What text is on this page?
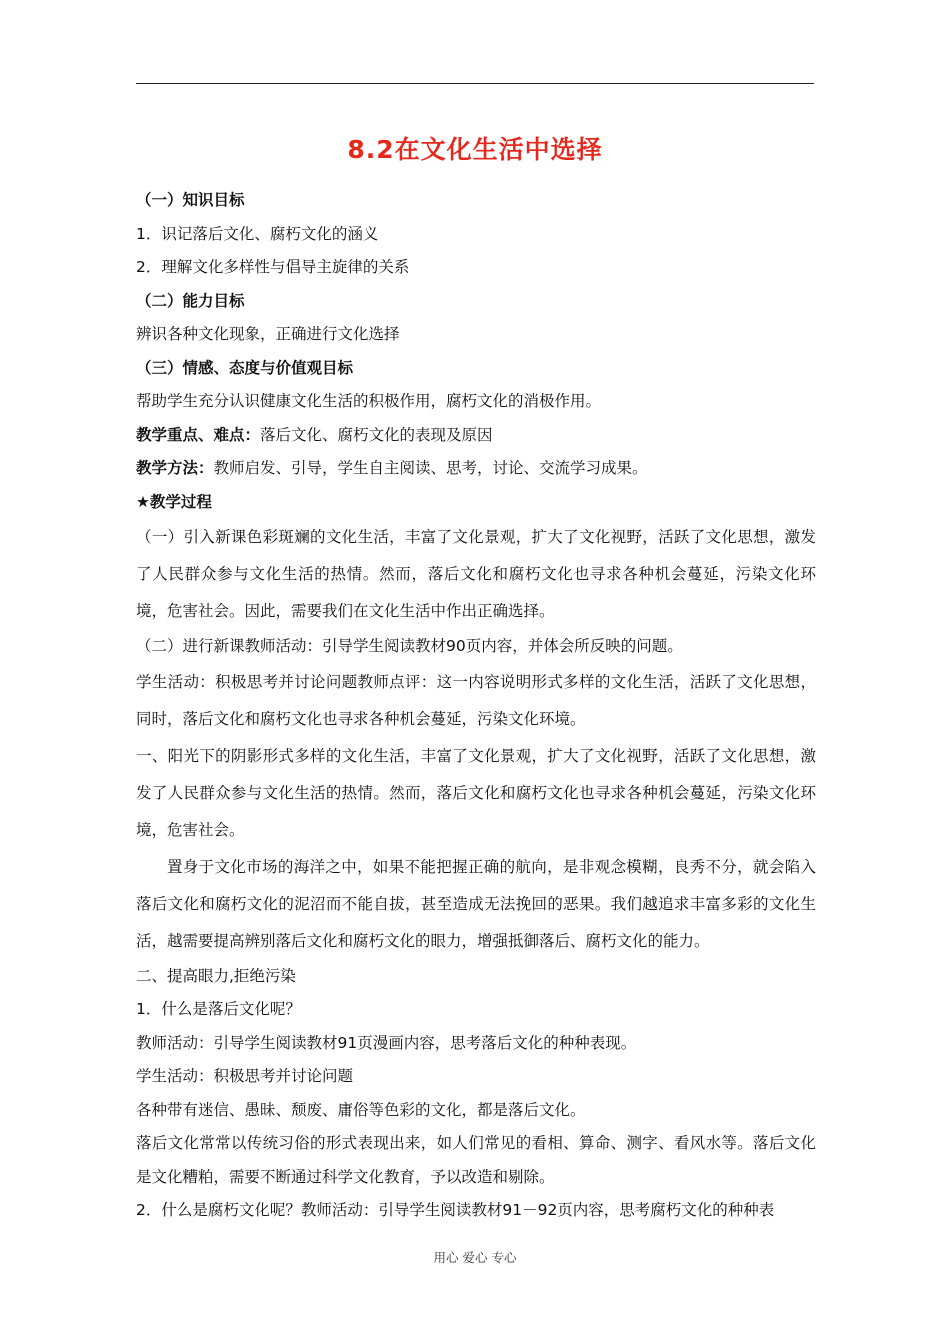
8.2在文化生活中选择
（一）知识目标
1．识记落后文化、腐朽文化的涵义
2．理解文化多样性与倡导主旋律的关系
（二）能力目标
辨识各种文化现象，正确进行文化选择
（三）情感、态度与价值观目标
帮助学生充分认识健康文化生活的积极作用，腐朽文化的消极作用。
教学重点、难点：落后文化、腐朽文化的表现及原因
教学方法：教师启发、引导，学生自主阅读、思考，讨论、交流学习成果。
★教学过程
（一）引入新课色彩斑斓的文化生活，丰富了文化景观，扩大了文化视野，活跃了文化思想，激发了人民群众参与文化生活的热情。然而，落后文化和腐朽文化也寻求各种机会蔓延，污染文化环境，危害社会。因此，需要我们在文化生活中作出正确选择。
（二）进行新课教师活动：引导学生阅读教材90页内容，并体会所反映的问题。
学生活动：积极思考并讨论问题教师点评：这一内容说明形式多样的文化生活，活跃了文化思想，同时，落后文化和腐朽文化也寻求各种机会蔓延，污染文化环境。
一、阳光下的阴影形式多样的文化生活，丰富了文化景观，扩大了文化视野，活跃了文化思想，激发了人民群众参与文化生活的热情。然而，落后文化和腐朽文化也寻求各种机会蔓延，污染文化环境，危害社会。
置身于文化市场的海洋之中，如果不能把握正确的航向，是非观念模糊，良秀不分，就会陷入落后文化和腐朽文化的泥沼而不能自拔，甚至造成无法挽回的恶果。我们越追求丰富多彩的文化生活，越需要提高辨别落后文化和腐朽文化的眼力，增强抵御落后、腐朽文化的能力。
二、提高眼力,拒绝污染
1．什么是落后文化呢？
教师活动：引导学生阅读教材91页漫画内容，思考落后文化的种种表现。
学生活动：积极思考并讨论问题
各种带有迷信、愚昧、颓废、庸俗等色彩的文化，都是落后文化。
落后文化常常以传统习俗的形式表现出来，如人们常见的看相、算命、测字、看风水等。落后文化是文化糟粕，需要不断通过科学文化教育，予以改造和剔除。
2．什么是腐朽文化呢？教师活动：引导学生阅读教材91－92页内容，思考腐朽文化的种种表
用心 爱心 专心
